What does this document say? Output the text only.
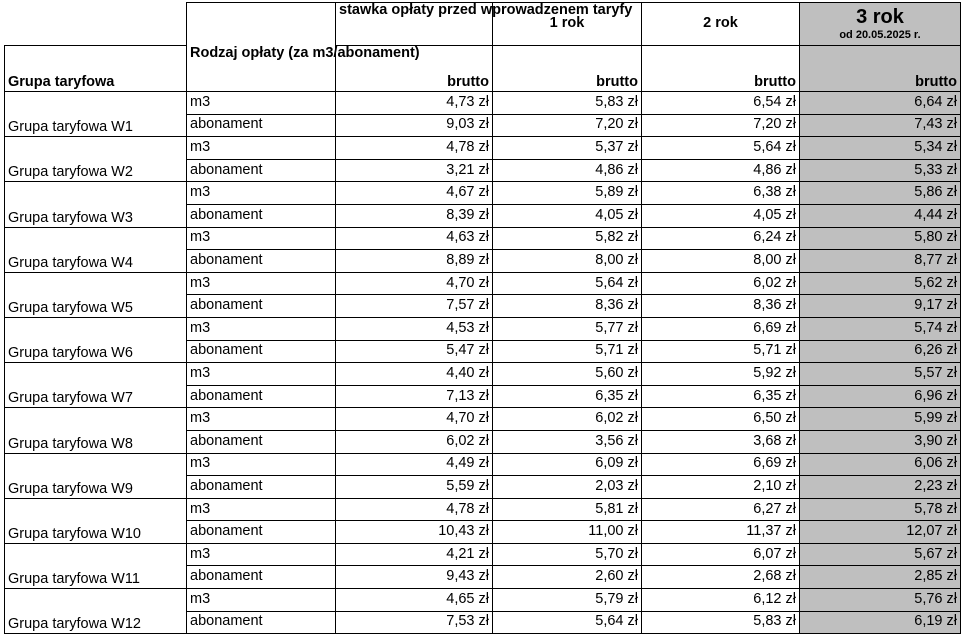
		stawka opłaty przed wprowadzenem taryfy	1 rok	2 rok	3 rok
od 20.05.2025 r.

Grupa taryfowa	Rodzaj opłaty (za m3/abonament)	brutto	brutto	brutto	brutto
Grupa taryfowa W1	m3	4,73 zł	5,83 zł	6,54 zł	6,64 zł
	abonament	9,03 zł	7,20 zł	7,20 zł	7,43 zł
Grupa taryfowa W2	m3	4,78 zł	5,37 zł	5,64 zł	5,34 zł
	abonament	3,21 zł	4,86 zł	4,86 zł	5,33 zł
Grupa taryfowa W3	m3	4,67 zł	5,89 zł	6,38 zł	5,86 zł
	abonament	8,39 zł	4,05 zł	4,05 zł	4,44 zł
Grupa taryfowa W4	m3	4,63 zł	5,82 zł	6,24 zł	5,80 zł
	abonament	8,89 zł	8,00 zł	8,00 zł	8,77 zł
Grupa taryfowa W5	m3	4,70 zł	5,64 zł	6,02 zł	5,62 zł
	abonament	7,57 zł	8,36 zł	8,36 zł	9,17 zł
Grupa taryfowa W6	m3	4,53 zł	5,77 zł	6,69 zł	5,74 zł
	abonament	5,47 zł	5,71 zł	5,71 zł	6,26 zł
Grupa taryfowa W7	m3	4,40 zł	5,60 zł	5,92 zł	5,57 zł
	abonament	7,13 zł	6,35 zł	6,35 zł	6,96 zł
Grupa taryfowa W8	m3	4,70 zł	6,02 zł	6,50 zł	5,99 zł
	abonament	6,02 zł	3,56 zł	3,68 zł	3,90 zł
Grupa taryfowa W9	m3	4,49 zł	6,09 zł	6,69 zł	6,06 zł
	abonament	5,59 zł	2,03 zł	2,10 zł	2,23 zł
Grupa taryfowa W10	m3	4,78 zł	5,81 zł	6,27 zł	5,78 zł
	abonament	10,43 zł	11,00 zł	11,37 zł	12,07 zł
Grupa taryfowa W11	m3	4,21 zł	5,70 zł	6,07 zł	5,67 zł
	abonament	9,43 zł	2,60 zł	2,68 zł	2,85 zł
Grupa taryfowa W12	m3	4,65 zł	5,79 zł	6,12 zł	5,76 zł
	abonament	7,53 zł	5,64 zł	5,83 zł	6,19 zł
